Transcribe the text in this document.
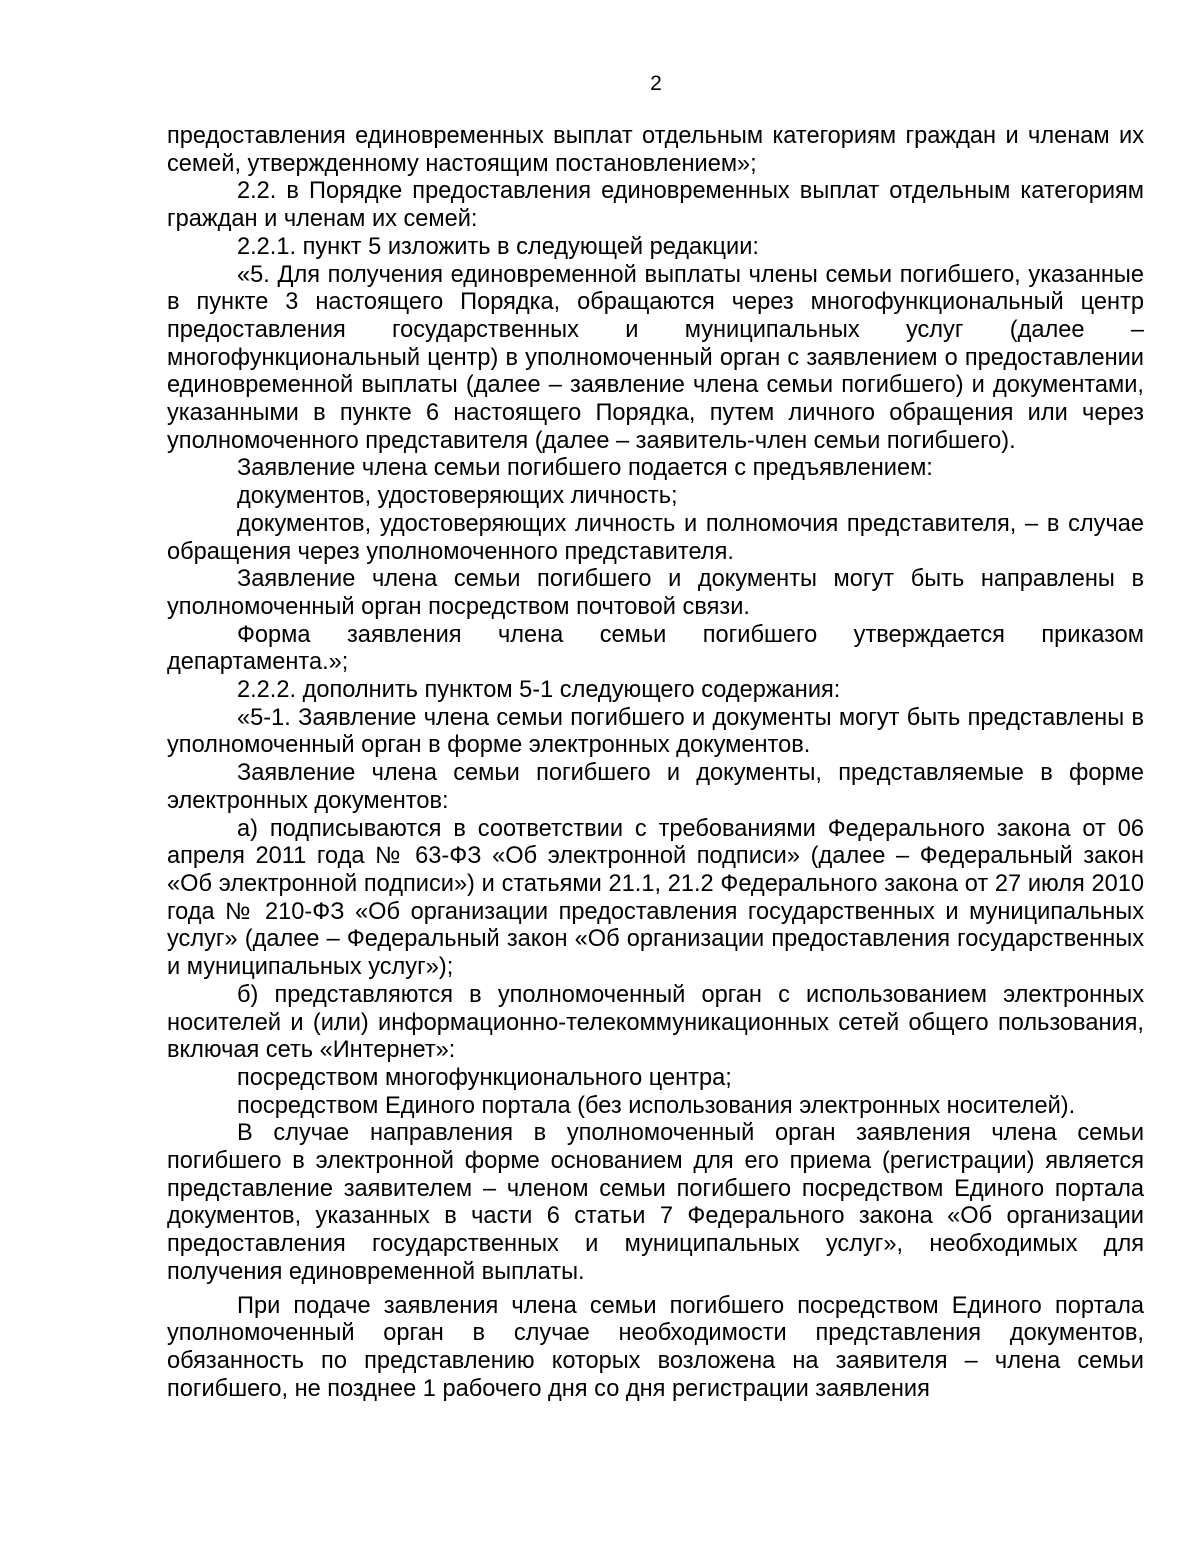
2

предоставления единовременных выплат отдельным категориям граждан и членам их семей, утвержденному настоящим постановлением»;

2.2. в Порядке предоставления единовременных выплат отдельным категориям граждан и членам их семей:

2.2.1. пункт 5 изложить в следующей редакции:

«5. Для получения единовременной выплаты члены семьи погибшего, указанные в пункте 3 настоящего Порядка, обращаются через многофункциональный центр предоставления государственных и муниципальных услуг (далее – многофункциональный центр) в уполномоченный орган с заявлением о предоставлении единовременной выплаты (далее – заявление члена семьи погибшего) и документами, указанными в пункте 6 настоящего Порядка, путем личного обращения или через уполномоченного представителя (далее – заявитель-член семьи погибшего).

Заявление члена семьи погибшего подается с предъявлением:

документов, удостоверяющих личность;

документов, удостоверяющих личность и полномочия представителя, – в случае обращения через уполномоченного представителя.

Заявление члена семьи погибшего и документы могут быть направлены в уполномоченный орган посредством почтовой связи.

Форма заявления члена семьи погибшего утверждается приказом департамента.»;

2.2.2. дополнить пунктом 5-1 следующего содержания:

«5-1. Заявление члена семьи погибшего и документы могут быть представлены в уполномоченный орган в форме электронных документов.

Заявление члена семьи погибшего и документы, представляемые в форме электронных документов:

а) подписываются в соответствии с требованиями Федерального закона от 06 апреля 2011 года № 63-ФЗ «Об электронной подписи» (далее – Федеральный закон «Об электронной подписи») и статьями 21.1, 21.2 Федерального закона от 27 июля 2010 года № 210-ФЗ «Об организации предоставления государственных и муниципальных услуг» (далее – Федеральный закон «Об организации предоставления государственных и муниципальных услуг»);

б) представляются в уполномоченный орган с использованием электронных носителей и (или) информационно-телекоммуникационных сетей общего пользования, включая сеть «Интернет»:

посредством многофункционального центра;

посредством Единого портала (без использования электронных носителей).

В случае направления в уполномоченный орган заявления члена семьи погибшего в электронной форме основанием для его приема (регистрации) является представление заявителем – членом семьи погибшего посредством Единого портала документов, указанных в части 6 статьи 7 Федерального закона «Об организации предоставления государственных и муниципальных услуг», необходимых для получения единовременной выплаты.

При подаче заявления члена семьи погибшего посредством Единого портала уполномоченный орган в случае необходимости представления документов, обязанность по представлению которых возложена на заявителя – члена семьи погибшего, не позднее 1 рабочего дня со дня регистрации заявления
